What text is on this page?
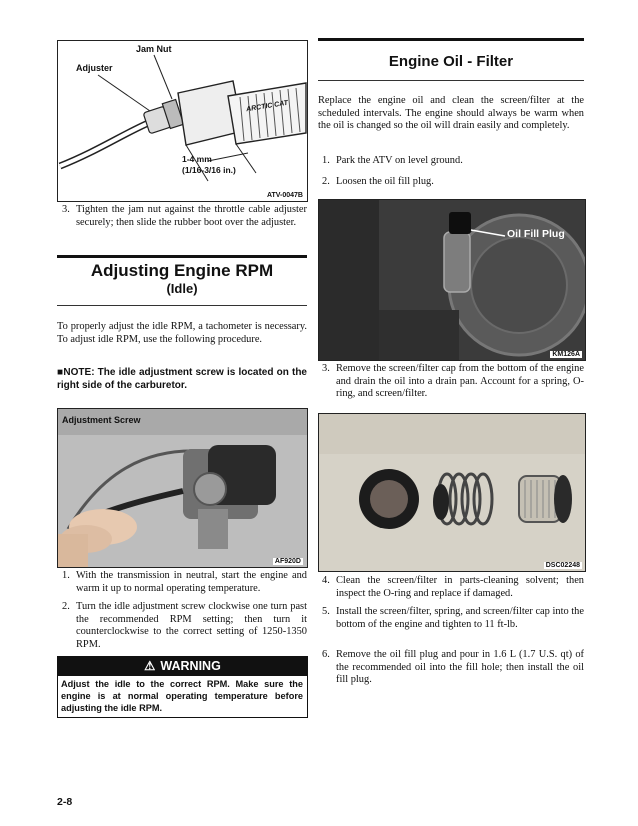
Jam Nut
Adjuster
ARCTIC CAT
1-4 mm
(1/16-3/16 in.)
ATV-0047B
3. Tighten the jam nut against the throttle cable adjuster securely; then slide the rubber boot over the adjuster.
Adjusting Engine RPM
(Idle)
To properly adjust the idle RPM, a tachometer is necessary. To adjust idle RPM, use the following procedure.
■NOTE: The idle adjustment screw is located on the right side of the carburetor.
Adjustment Screw
AF920D
1. With the transmission in neutral, start the engine and warm it up to normal operating temperature.
2. Turn the idle adjustment screw clockwise one turn past the recommended RPM setting; then turn it counterclockwise to the correct setting of 1250-1350 RPM.
⚠ WARNING
Adjust the idle to the correct RPM. Make sure the engine is at normal operating temperature before adjusting the idle RPM.
Engine Oil - Filter
Replace the engine oil and clean the screen/filter at the scheduled intervals. The engine should always be warm when the oil is changed so the oil will drain easily and completely.
1. Park the ATV on level ground.
2. Loosen the oil fill plug.
Oil Fill Plug
KM126A
3. Remove the screen/filter cap from the bottom of the engine and drain the oil into a drain pan. Account for a spring, O-ring, and screen/filter.
DSC02248
4. Clean the screen/filter in parts-cleaning solvent; then inspect the O-ring and replace if damaged.
5. Install the screen/filter, spring, and screen/filter cap into the bottom of the engine and tighten to 11 ft-lb.
6. Remove the oil fill plug and pour in 1.6 L (1.7 U.S. qt) of the recommended oil into the fill hole; then install the oil fill plug.
2-8
